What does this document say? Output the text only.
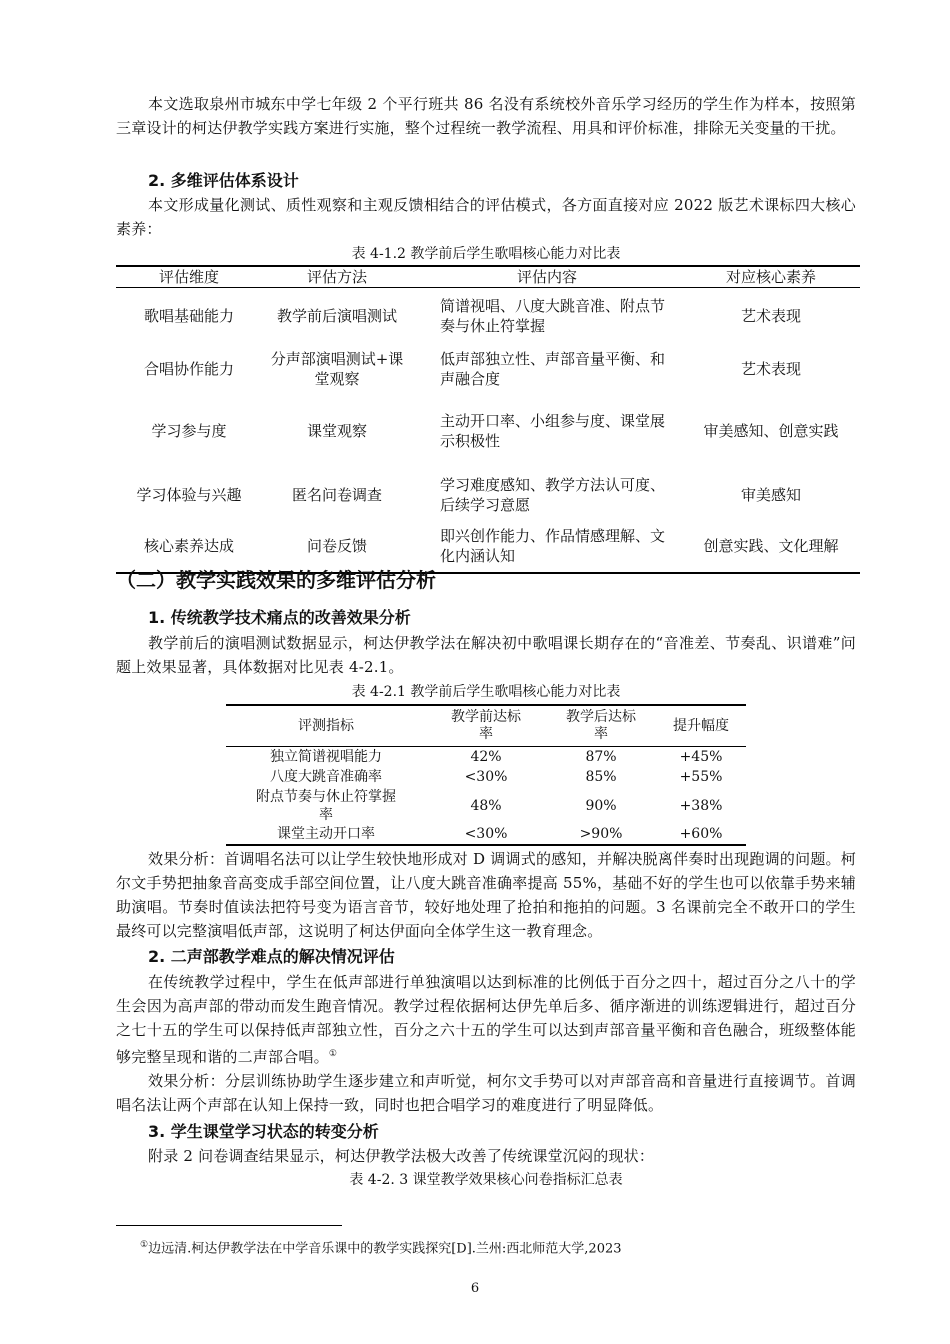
本文选取泉州市城东中学七年级 2 个平行班共 86 名没有系统校外音乐学习经历的学生作为样本，按照第三章设计的柯达伊教学实践方案进行实施，整个过程统一教学流程、用具和评价标准，排除无关变量的干扰。
2. 多维评估体系设计
本文形成量化测试、质性观察和主观反馈相结合的评估模式，各方面直接对应 2022 版艺术课标四大核心素养：
表 4-1.2 教学前后学生歌唱核心能力对比表
评估维度	评估方法	评估内容	对应核心素养
歌唱基础能力	教学前后演唱测试	简谱视唱、八度大跳音准、附点节奏与休止符掌握	艺术表现
合唱协作能力	分声部演唱测试+课堂观察	低声部独立性、声部音量平衡、和声融合度	艺术表现
学习参与度	课堂观察	主动开口率、小组参与度、课堂展示积极性	审美感知、创意实践
学习体验与兴趣	匿名问卷调查	学习难度感知、教学方法认可度、后续学习意愿	审美感知
核心素养达成	问卷反馈	即兴创作能力、作品情感理解、文化内涵认知	创意实践、文化理解
（二）教学实践效果的多维评估分析
1. 传统教学技术痛点的改善效果分析
教学前后的演唱测试数据显示，柯达伊教学法在解决初中歌唱课长期存在的“音准差、节奏乱、识谱难”问题上效果显著，具体数据对比见表 4-2.1。
表 4-2.1 教学前后学生歌唱核心能力对比表
评测指标	教学前达标率	教学后达标率	提升幅度
独立简谱视唱能力	42%	87%	+45%
八度大跳音准确率	<30%	85%	+55%
附点节奏与休止符掌握率	48%	90%	+38%
课堂主动开口率	<30%	>90%	+60%
效果分析：首调唱名法可以让学生较快地形成对 D 调调式的感知，并解决脱离伴奏时出现跑调的问题。柯尔文手势把抽象音高变成手部空间位置，让八度大跳音准确率提高 55%，基础不好的学生也可以依靠手势来辅助演唱。节奏时值读法把符号变为语言音节，较好地处理了抢拍和拖拍的问题。3 名课前完全不敢开口的学生最终可以完整演唱低声部，这说明了柯达伊面向全体学生这一教育理念。
2. 二声部教学难点的解决情况评估
在传统教学过程中，学生在低声部进行单独演唱以达到标准的比例低于百分之四十，超过百分之八十的学生会因为高声部的带动而发生跑音情况。教学过程依据柯达伊先单后多、循序渐进的训练逻辑进行，超过百分之七十五的学生可以保持低声部独立性，百分之六十五的学生可以达到声部音量平衡和音色融合，班级整体能够完整呈现和谐的二声部合唱。①
效果分析：分层训练协助学生逐步建立和声听觉，柯尔文手势可以对声部音高和音量进行直接调节。首调唱名法让两个声部在认知上保持一致，同时也把合唱学习的难度进行了明显降低。
3. 学生课堂学习状态的转变分析
附录 2 问卷调查结果显示，柯达伊教学法极大改善了传统课堂沉闷的现状：
表 4-2. 3 课堂教学效果核心问卷指标汇总表
①边远清.柯达伊教学法在中学音乐课中的教学实践探究[D].兰州:西北师范大学,2023
6
